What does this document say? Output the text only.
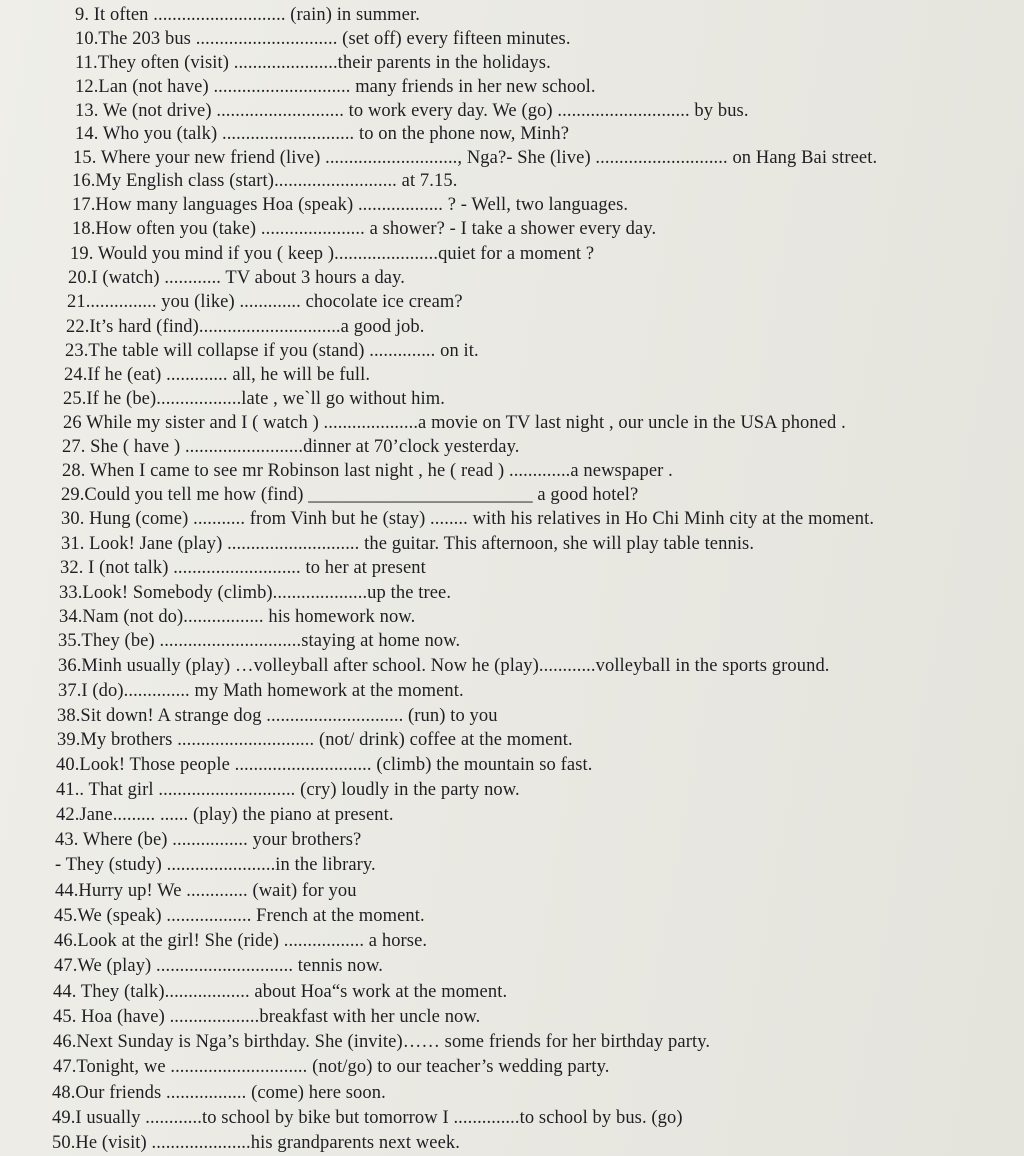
9. It often ............................ (rain) in summer.
10.The 203 bus .............................. (set off) every fifteen minutes.
11.They often (visit) ......................their parents in the holidays.
12.Lan (not have) ............................. many friends in her new school.
13. We (not drive) ........................... to work every day. We (go) ............................ by bus.
14. Who you (talk) ............................ to on the phone now, Minh?
15. Where your new friend (live) ............................, Nga?- She (live) ............................ on Hang Bai street.
16.My English class (start).......................... at 7.15.
17.How many languages Hoa (speak) .................. ? - Well, two languages.
18.How often you (take) ...................... a shower? - I take a shower every day.
19. Would you mind if you ( keep )......................quiet for a moment ?
20.I (watch) ............ TV about 3 hours a day.
21............... you (like) ............. chocolate ice cream?
22.It’s hard (find)..............................a good job.
23.The table will collapse if you (stand) .............. on it.
24.If he (eat) ............. all, he will be full.
25.If he (be)..................late , we`ll go without him.
26 While my sister and I ( watch ) ....................a movie on TV last night , our uncle in the USA phoned .
27. She ( have ) .........................dinner at 70’clock yesterday.
28. When I came to see mr Robinson last night , he ( read ) .............a newspaper .
29.Could you tell me how (find) ________________________ a good hotel?
30. Hung (come) ........... from Vinh but he (stay) ........ with his relatives in Ho Chi Minh city at the moment.
31. Look! Jane (play) ............................ the guitar. This afternoon, she will play table tennis.
32. I (not talk) ........................... to her at present
33.Look! Somebody (climb)....................up the tree.
34.Nam (not do)................. his homework now.
35.They (be) ..............................staying at home now.
36.Minh usually (play) …volleyball after school. Now he (play)............volleyball in the sports ground.
37.I (do).............. my Math homework at the moment.
38.Sit down! A strange dog ............................. (run) to you
39.My brothers ............................. (not/ drink) coffee at the moment.
40.Look! Those people ............................. (climb) the mountain so fast.
41.. That girl ............................. (cry) loudly in the party now.
42.Jane......... ...... (play) the piano at present.
43. Where (be) ................ your brothers?
- They (study) .......................in the library.
44.Hurry up! We ............. (wait) for you
45.We (speak) .................. French at the moment.
46.Look at the girl! She (ride) ................. a horse.
47.We (play) ............................. tennis now.
44. They (talk).................. about Hoa“s work at the moment.
45. Hoa (have) ...................breakfast with her uncle now.
46.Next Sunday is Nga’s birthday. She (invite)…… some friends for her birthday party.
47.Tonight, we ............................. (not/go) to our teacher’s wedding party.
48.Our friends ................. (come) here soon.
49.I usually ............to school by bike but tomorrow I ..............to school by bus. (go)
50.He (visit) .....................his grandparents next week.
